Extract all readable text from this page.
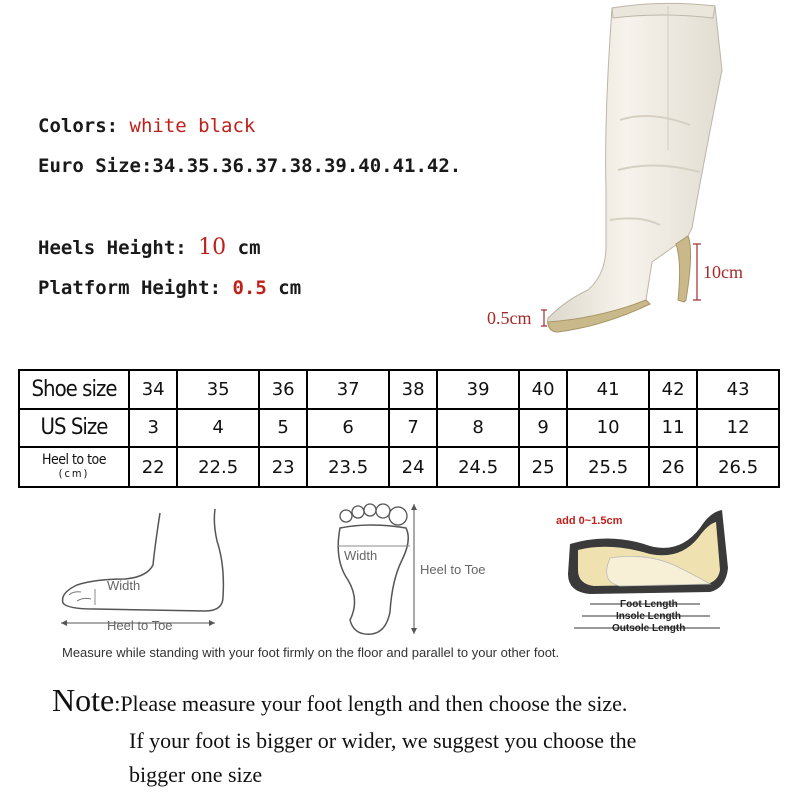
Colors: white black
Euro Size:34.35.36.37.38.39.40.41.42.
Heels Height: 10 cm
Platform Height: 0.5 cm
10cm
0.5cm
Shoe size	34	35	36	37	38	39	40	41	42	43
US Size	3	4	5	6	7	8	9	10	11	12
Heel to toe
(cm)	22	22.5	23	23.5	24	24.5	25	25.5	26	26.5
Width
Heel to Toe
Width
Heel to Toe
add 0~1.5cm
Foot Length
Insole Length
Outsole Length
Measure while standing with your foot firmly on the floor and parallel to your other foot.
Note:Please measure your foot length and then choose the size.
If your foot is bigger or wider, we suggest you choose the
bigger one size
